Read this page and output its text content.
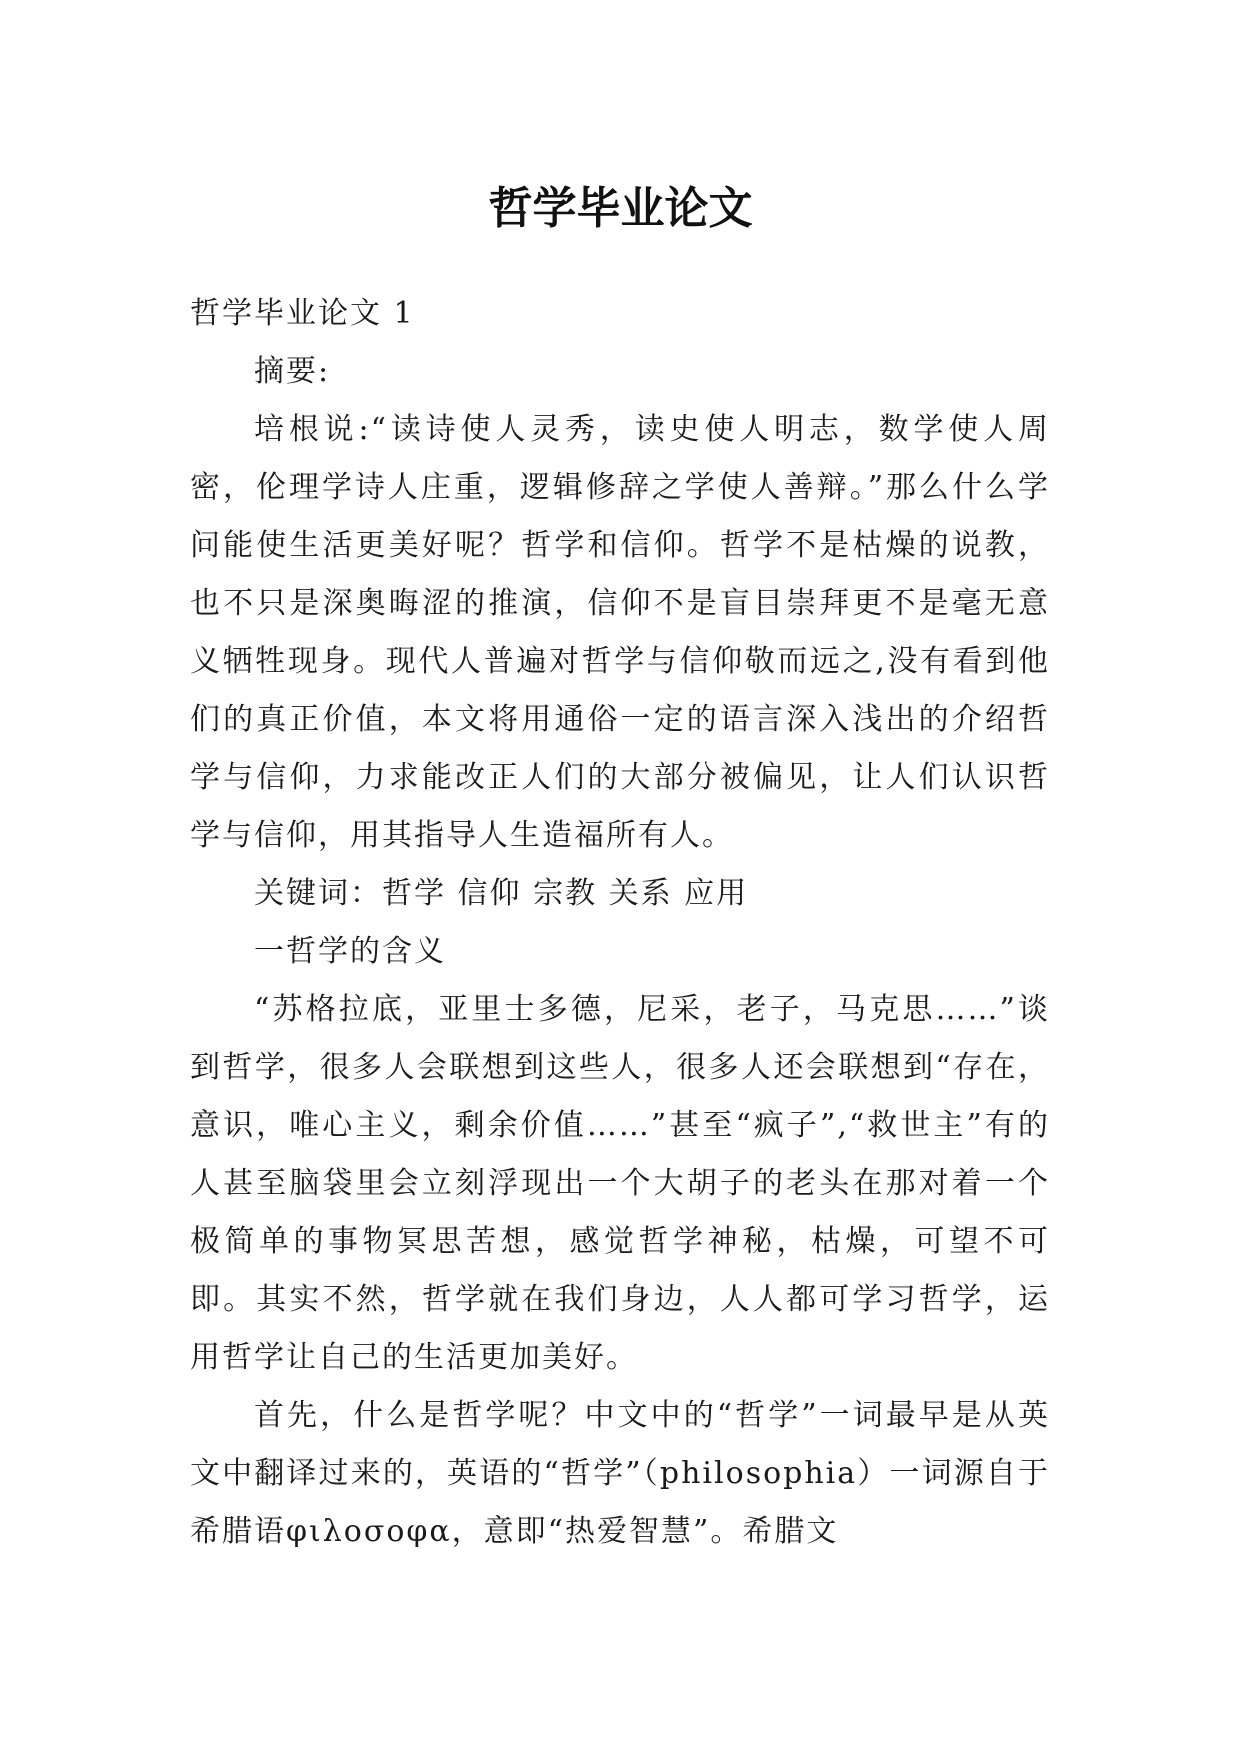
哲学毕业论文

哲学毕业论文 1

摘要:

培根说:“读诗使人灵秀，读史使人明志，数学使人周密，伦理学诗人庄重，逻辑修辞之学使人善辩。”那么什么学问能使生活更美好呢？哲学和信仰。哲学不是枯燥的说教，也不只是深奥晦涩的推演，信仰不是盲目崇拜更不是毫无意义牺牲现身。现代人普遍对哲学与信仰敬而远之,没有看到他们的真正价值，本文将用通俗一定的语言深入浅出的介绍哲学与信仰，力求能改正人们的大部分被偏见，让人们认识哲学与信仰，用其指导人生造福所有人。

关键词：哲学 信仰 宗教 关系 应用

一哲学的含义

“苏格拉底，亚里士多德，尼采，老子，马克思……”谈到哲学，很多人会联想到这些人，很多人还会联想到“存在，意识，唯心主义，剩余价值……”甚至“疯子”,“救世主”有的人甚至脑袋里会立刻浮现出一个大胡子的老头在那对着一个极简单的事物冥思苦想，感觉哲学神秘，枯燥，可望不可即。其实不然，哲学就在我们身边，人人都可学习哲学，运用哲学让自己的生活更加美好。

首先，什么是哲学呢？中文中的“哲学”一词最早是从英文中翻译过来的，英语的“哲学”（philosophia）一词源自于希腊语φιλοσοφα，意即“热爱智慧”。希腊文
